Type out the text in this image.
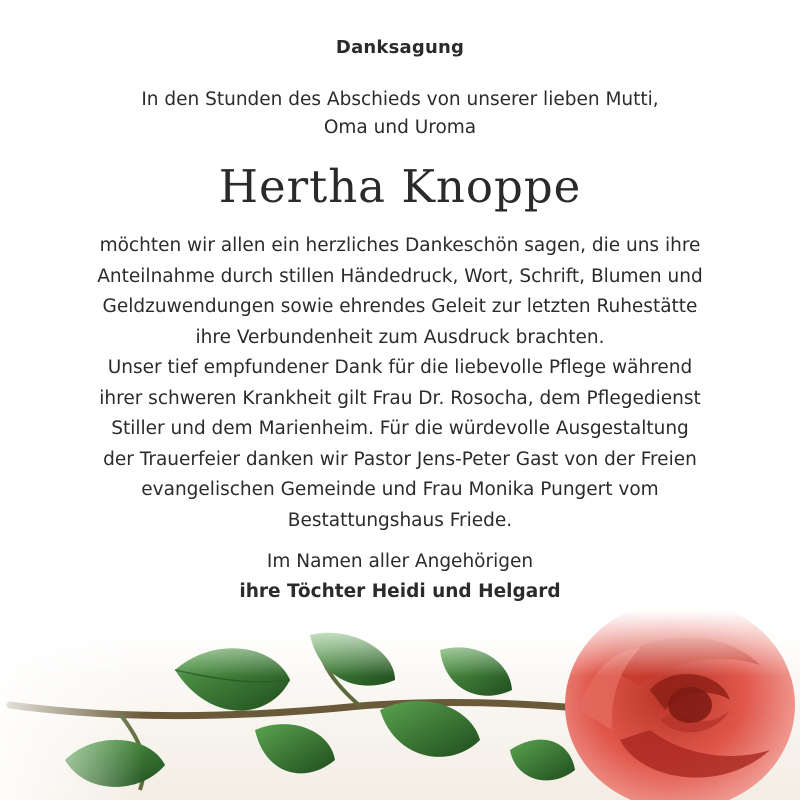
Danksagung
In den Stunden des Abschieds von unserer lieben Mutti,
Oma und Uroma
Hertha Knoppe
möchten wir allen ein herzliches Dankeschön sagen, die uns ihre
Anteilnahme durch stillen Händedruck, Wort, Schrift, Blumen und
Geldzuwendungen sowie ehrendes Geleit zur letzten Ruhestätte
ihre Verbundenheit zum Ausdruck brachten.
Unser tief empfundener Dank für die liebevolle Pflege während
ihrer schweren Krankheit gilt Frau Dr. Rosocha, dem Pflegedienst
Stiller und dem Marienheim. Für die würdevolle Ausgestaltung
der Trauerfeier danken wir Pastor Jens-Peter Gast von der Freien
evangelischen Gemeinde und Frau Monika Pungert vom
Bestattungshaus Friede.
Im Namen aller Angehörigen
ihre Töchter Heidi und Helgard
